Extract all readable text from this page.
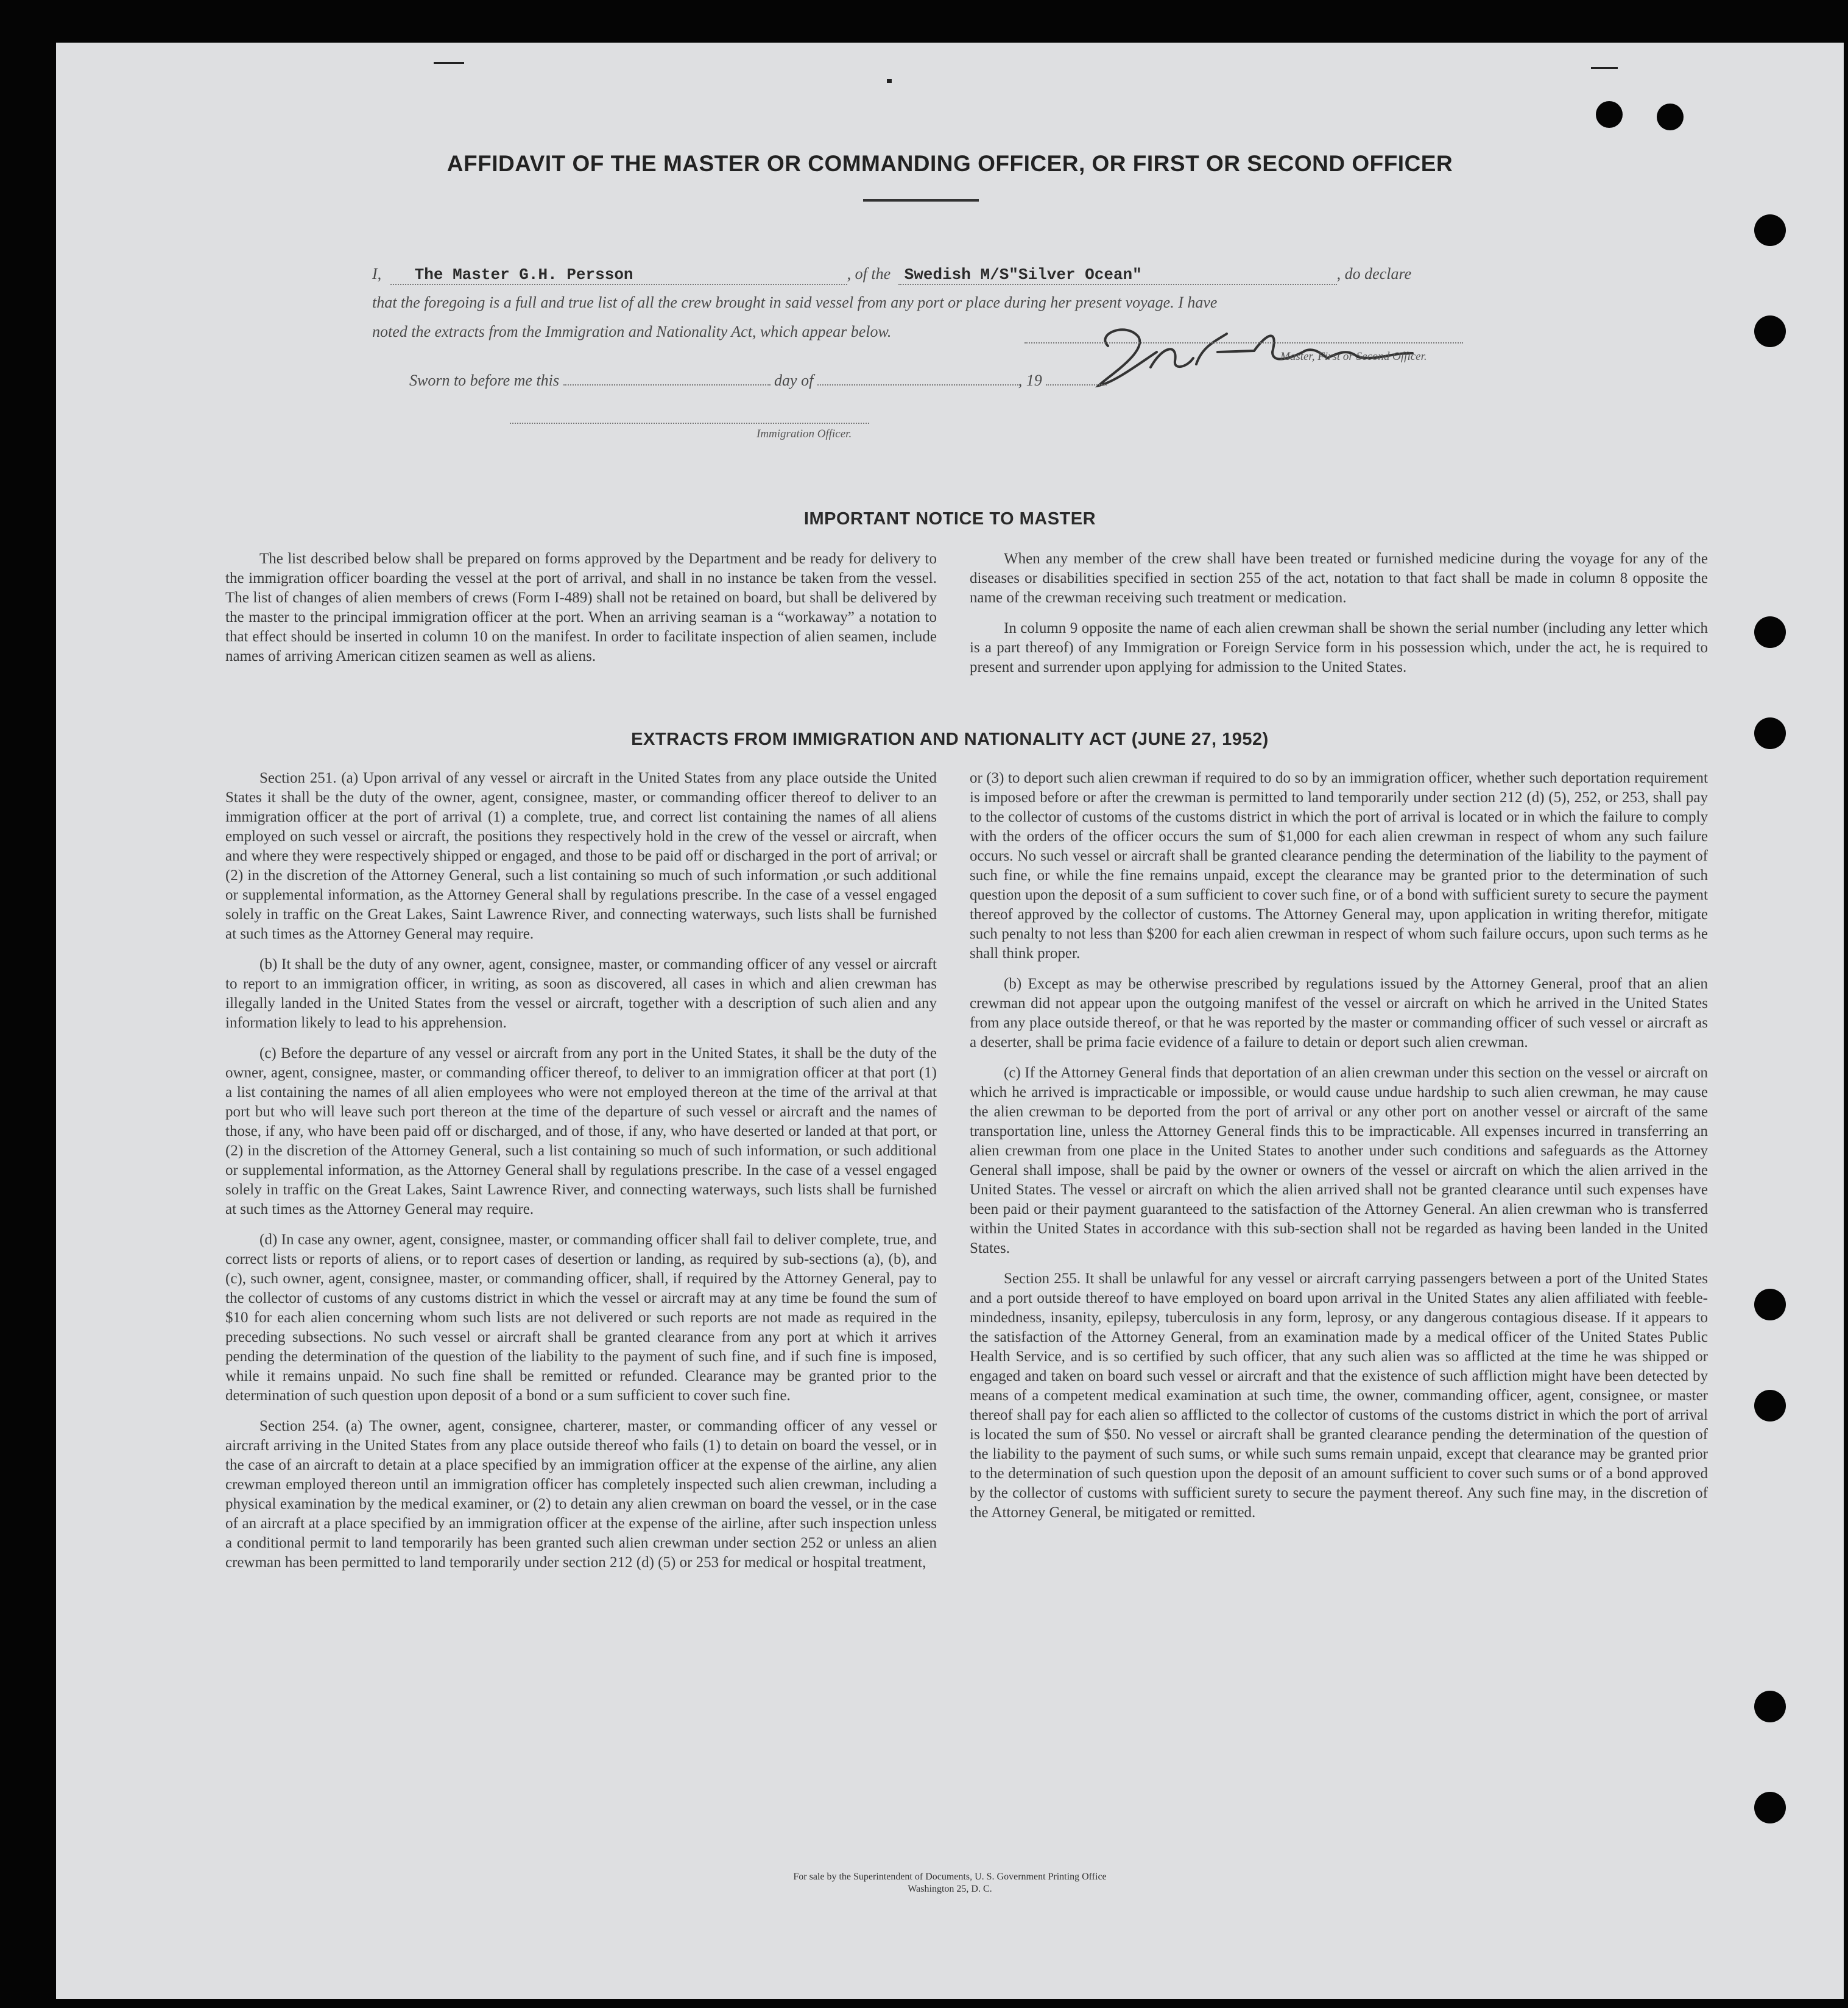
AFFIDAVIT OF THE MASTER OR COMMANDING OFFICER, OR FIRST OR SECOND OFFICER
I, The Master G.H. Persson	, of the Swedish M/S"Silver Ocean"	, do declare
that the foregoing is a full and true list of all the crew brought in said vessel from any port or place during her present voyage. I have
noted the extracts from the Immigration and Nationality Act, which appear below.
Master, First or Second Officer.
Sworn to before me this	day of	, 19
Immigration Officer.
IMPORTANT NOTICE TO MASTER

The list described below shall be prepared on forms approved by the Department and be ready for delivery to the immigration officer boarding the vessel at the port of arrival, and shall in no instance be taken from the vessel. The list of changes of alien members of crews (Form I-489) shall not be retained on board, but shall be delivered by the master to the principal immigration officer at the port. When an arriving seaman is a “workaway” a notation to that effect should be inserted in column 10 on the manifest. In order to facilitate inspection of alien seamen, include names of arriving American citizen seamen as well as aliens.

When any member of the crew shall have been treated or furnished medicine during the voyage for any of the diseases or disabilities specified in section 255 of the act, notation to that fact shall be made in column 8 opposite the name of the crewman receiving such treatment or medication.

In column 9 opposite the name of each alien crewman shall be shown the serial number (including any letter which is a part thereof) of any Immigration or Foreign Service form in his possession which, under the act, he is required to present and surrender upon applying for admission to the United States.

EXTRACTS FROM IMMIGRATION AND NATIONALITY ACT (JUNE 27, 1952)

Section 251. (a) Upon arrival of any vessel or aircraft in the United States from any place outside the United States it shall be the duty of the owner, agent, consignee, master, or commanding officer thereof to deliver to an immigration officer at the port of arrival (1) a complete, true, and correct list containing the names of all aliens employed on such vessel or aircraft, the positions they respectively hold in the crew of the vessel or aircraft, when and where they were respectively shipped or engaged, and those to be paid off or discharged in the port of arrival; or (2) in the discretion of the Attorney General, such a list containing so much of such information ,or such additional or supplemental information, as the Attorney General shall by regulations prescribe. In the case of a vessel engaged solely in traffic on the Great Lakes, Saint Lawrence River, and connecting waterways, such lists shall be furnished at such times as the Attorney General may require.

(b) It shall be the duty of any owner, agent, consignee, master, or commanding officer of any vessel or aircraft to report to an immigration officer, in writing, as soon as discovered, all cases in which and alien crewman has illegally landed in the United States from the vessel or aircraft, together with a description of such alien and any information likely to lead to his apprehension.

(c) Before the departure of any vessel or aircraft from any port in the United States, it shall be the duty of the owner, agent, consignee, master, or commanding officer thereof, to deliver to an immigration officer at that port (1) a list containing the names of all alien employees who were not employed thereon at the time of the arrival at that port but who will leave such port thereon at the time of the departure of such vessel or aircraft and the names of those, if any, who have been paid off or discharged, and of those, if any, who have deserted or landed at that port, or (2) in the discretion of the Attorney General, such a list containing so much of such information, or such additional or supplemental information, as the Attorney General shall by regulations prescribe. In the case of a vessel engaged solely in traffic on the Great Lakes, Saint Lawrence River, and connecting waterways, such lists shall be furnished at such times as the Attorney General may require.

(d) In case any owner, agent, consignee, master, or commanding officer shall fail to deliver complete, true, and correct lists or reports of aliens, or to report cases of desertion or landing, as required by sub-sections (a), (b), and (c), such owner, agent, consignee, master, or commanding officer, shall, if required by the Attorney General, pay to the collector of customs of any customs district in which the vessel or aircraft may at any time be found the sum of $10 for each alien concerning whom such lists are not delivered or such reports are not made as required in the preceding subsections. No such vessel or aircraft shall be granted clearance from any port at which it arrives pending the determination of the question of the liability to the payment of such fine, and if such fine is imposed, while it remains unpaid. No such fine shall be remitted or refunded. Clearance may be granted prior to the determination of such question upon deposit of a bond or a sum sufficient to cover such fine.

Section 254. (a) The owner, agent, consignee, charterer, master, or commanding officer of any vessel or aircraft arriving in the United States from any place outside thereof who fails (1) to detain on board the vessel, or in the case of an aircraft to detain at a place specified by an immigration officer at the expense of the airline, any alien crewman employed thereon until an immigration officer has completely inspected such alien crewman, including a physical examination by the medical examiner, or (2) to detain any alien crewman on board the vessel, or in the case of an aircraft at a place specified by an immigration officer at the expense of the airline, after such inspection unless a conditional permit to land temporarily has been granted such alien crewman under section 252 or unless an alien crewman has been permitted to land temporarily under section 212 (d) (5) or 253 for medical or hospital treatment,

or (3) to deport such alien crewman if required to do so by an immigration officer, whether such deportation requirement is imposed before or after the crewman is permitted to land temporarily under section 212 (d) (5), 252, or 253, shall pay to the collector of customs of the customs district in which the port of arrival is located or in which the failure to comply with the orders of the officer occurs the sum of $1,000 for each alien crewman in respect of whom any such failure occurs. No such vessel or aircraft shall be granted clearance pending the determination of the liability to the payment of such fine, or while the fine remains unpaid, except the clearance may be granted prior to the determination of such question upon the deposit of a sum sufficient to cover such fine, or of a bond with sufficient surety to secure the payment thereof approved by the collector of customs. The Attorney General may, upon application in writing therefor, mitigate such penalty to not less than $200 for each alien crewman in respect of whom such failure occurs, upon such terms as he shall think proper.

(b) Except as may be otherwise prescribed by regulations issued by the Attorney General, proof that an alien crewman did not appear upon the outgoing manifest of the vessel or aircraft on which he arrived in the United States from any place outside thereof, or that he was reported by the master or commanding officer of such vessel or aircraft as a deserter, shall be prima facie evidence of a failure to detain or deport such alien crewman.

(c) If the Attorney General finds that deportation of an alien crewman under this section on the vessel or aircraft on which he arrived is impracticable or impossible, or would cause undue hardship to such alien crewman, he may cause the alien crewman to be deported from the port of arrival or any other port on another vessel or aircraft of the same transportation line, unless the Attorney General finds this to be impracticable. All expenses incurred in transferring an alien crewman from one place in the United States to another under such conditions and safeguards as the Attorney General shall impose, shall be paid by the owner or owners of the vessel or aircraft on which the alien arrived in the United States. The vessel or aircraft on which the alien arrived shall not be granted clearance until such expenses have been paid or their payment guaranteed to the satisfaction of the Attorney General. An alien crewman who is transferred within the United States in accordance with this sub-section shall not be regarded as having been landed in the United States.

Section 255. It shall be unlawful for any vessel or aircraft carrying passengers between a port of the United States and a port outside thereof to have employed on board upon arrival in the United States any alien affiliated with feeble-mindedness, insanity, epilepsy, tuberculosis in any form, leprosy, or any dangerous contagious disease. If it appears to the satisfaction of the Attorney General, from an examination made by a medical officer of the United States Public Health Service, and is so certified by such officer, that any such alien was so afflicted at the time he was shipped or engaged and taken on board such vessel or aircraft and that the existence of such affliction might have been detected by means of a competent medical examination at such time, the owner, commanding officer, agent, consignee, or master thereof shall pay for each alien so afflicted to the collector of customs of the customs district in which the port of arrival is located the sum of $50. No vessel or aircraft shall be granted clearance pending the determination of the question of the liability to the payment of such sums, or while such sums remain unpaid, except that clearance may be granted prior to the determination of such question upon the deposit of an amount sufficient to cover such sums or of a bond approved by the collector of customs with sufficient surety to secure the payment thereof. Any such fine may, in the discretion of the Attorney General, be mitigated or remitted.

For sale by the Superintendent of Documents, U. S. Government Printing Office
Washington 25, D. C.
